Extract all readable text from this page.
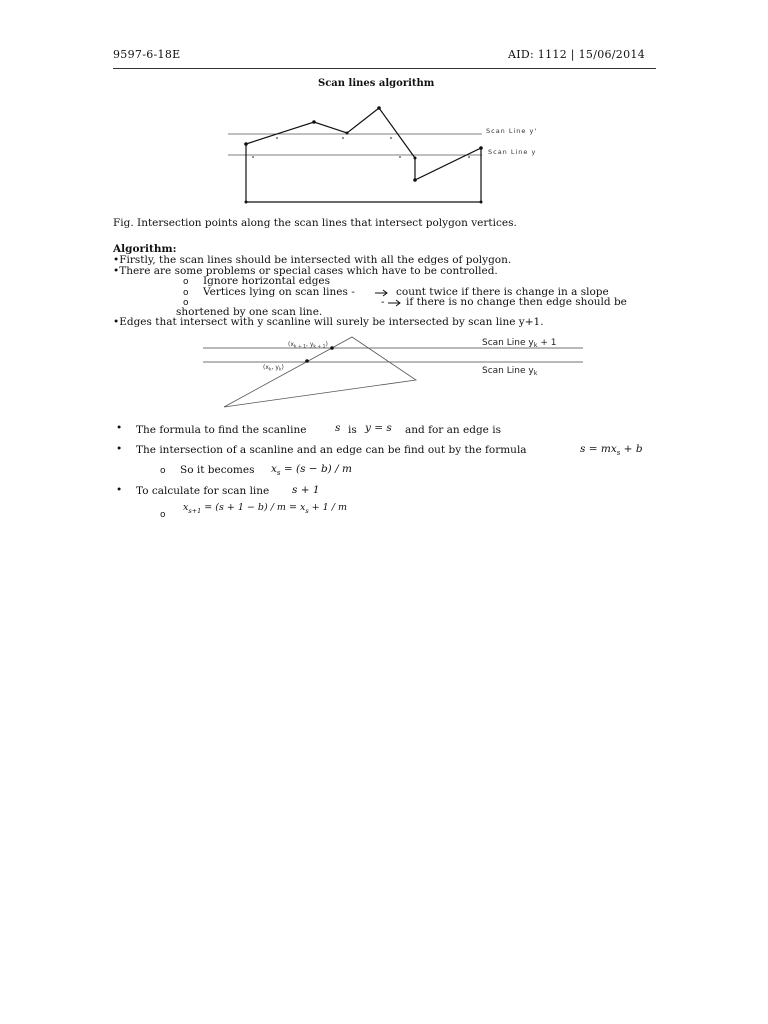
9597-6-18E	AID: 1112 | 15/06/2014
Scan lines algorithm
Scan Line y'
Scan Line y
Fig. Intersection points along the scan lines that intersect polygon vertices.
Algorithm:
•Firstly, the scan lines should be intersected with all the edges of polygon.
•There are some problems or special cases which have to be controlled.
o Ignore horizontal edges
o Vertices lying on scan lines -	count twice if there is change in a slope
o	- if there is no change then edge should be
shortened by one scan line.
•Edges that intersect with y scanline will surely be intersected by scan line y+1.
($x_{k + 1}$, $y_{k + 1}$)
($x_k$, $y_k$)
Scan Line $y_k + 1$
Scan Line $y_k$
• The formula to find the scanline	s is y = s and for an edge is
• The intersection of a scanline and an edge can be find out by the formula	$s = mx_s + b$
o So it becomes $x_s = (s - b) / m$
• To calculate for scan line s + 1
$x_{s+1} = (s + 1 - b) / m = x_s + 1 / m$
o
